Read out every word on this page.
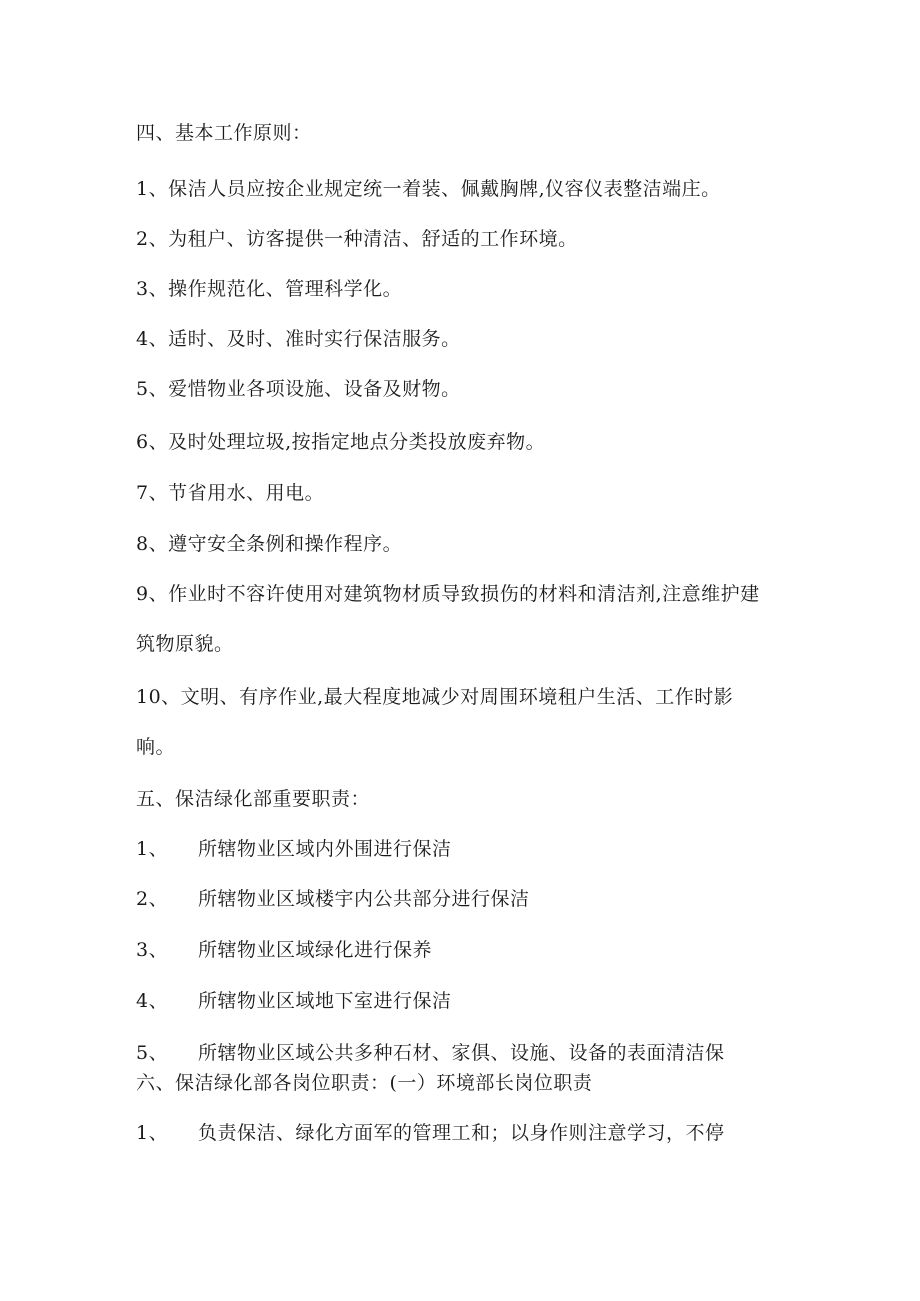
四、基本工作原则：
1、保洁人员应按企业规定统一着装、佩戴胸牌,仪容仪表整洁端庄。
2、为租户、访客提供一种清洁、舒适的工作环境。
3、操作规范化、管理科学化。
4、适时、及时、准时实行保洁服务。
5、爱惜物业各项设施、设备及财物。
6、及时处理垃圾,按指定地点分类投放废弃物。
7、节省用水、用电。
8、遵守安全条例和操作程序。
9、作业时不容许使用对建筑物材质导致损伤的材料和清洁剂,注意维护建
筑物原貌。
10、文明、有序作业,最大程度地减少对周围环境租户生活、工作时影
响。
五、保洁绿化部重要职责：
1、 所辖物业区域内外围进行保洁
2、 所辖物业区域楼宇内公共部分进行保洁
3、 所辖物业区域绿化进行保养
4、 所辖物业区域地下室进行保洁
5、 所辖物业区域公共多种石材、家俱、设施、设备的表面清洁保
六、保洁绿化部各岗位职责：(一）环境部长岗位职责
1、 负责保洁、绿化方面军的管理工和；以身作则注意学习，不停
